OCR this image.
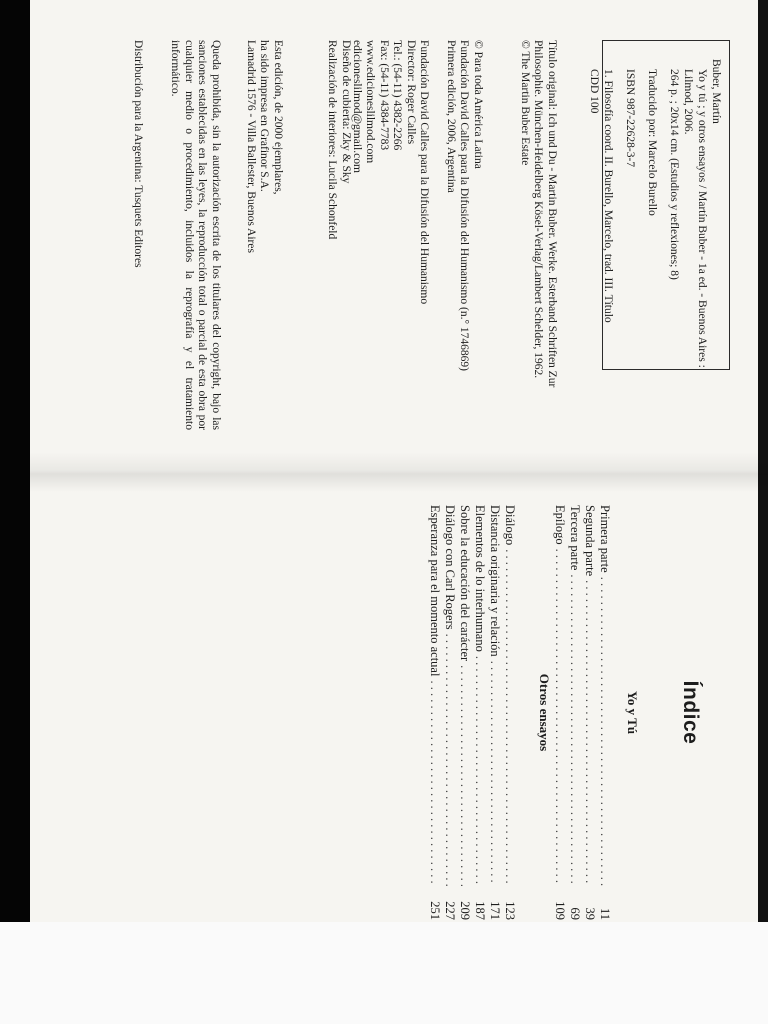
Buber, Martín
Yo y tú ; y otros ensayos / Martín Buber - 1a ed. - Buenos Aires :
Lilmod, 2006.
264 p. ; 20x14 cm. (Estudios y reflexiones; 8)
Traducido por: Marcelo Burello
ISBN 987-22628-3-7
1. Filosofía coord. II. Burello, Marcelo, trad. III. Título
CDD 100
Título original: Ich und Du - Martin Buber. Werke. Esterband Schriften Zur
Philosophie. München-Heidelberg Kösel-Verlag/Lambert Schelder, 1962.
© The Martin Buber Estate
© Para toda América Latina
Fundación David Calles para la Difusión del Humanismo (n.° 1746869)
Primera edición, 2006, Argentina
Fundación David Calles para la Difusión del Humanismo
Director: Roger Calles
Tel.: (54-11) 4382-2266
Fax: (54-11) 4384-7783
www.edicioneslilmod.com
edicioneslilmod@gmail.com
Diseño de cubierta: Zky & Sky
Realización de interiores: Lucila Schonfeld
Esta edición, de 2000 ejemplares,
ha sido impresa en Grafinor S.A.
Lamadrid 1576 - Villa Ballester, Buenos Aires
Queda prohibida, sin la autorización escrita de los titulares del copyright, bajo las sanciones establecidas en las leyes, la reproducción total o parcial de esta obra por cualquier medio o procedimiento, incluidos la reprografía y el tratamiento informático.
Distribución para la Argentina: Tusquets Editores
Índice
Yo y Tú
Primera parte
. . .
11
Segunda parte
. . .
39
Tercera parte
. . .
69
Epílogo
. . .
109
Otros ensayos
Diálogo
. . .
123
Distancia originaria y relación
. . .
171
Elementos de lo interhumano
. . .
187
Sobre la educación del carácter
. . .
209
Diálogo con Carl Rogers
. . .
227
Esperanza para el momento actual
. . .
251
